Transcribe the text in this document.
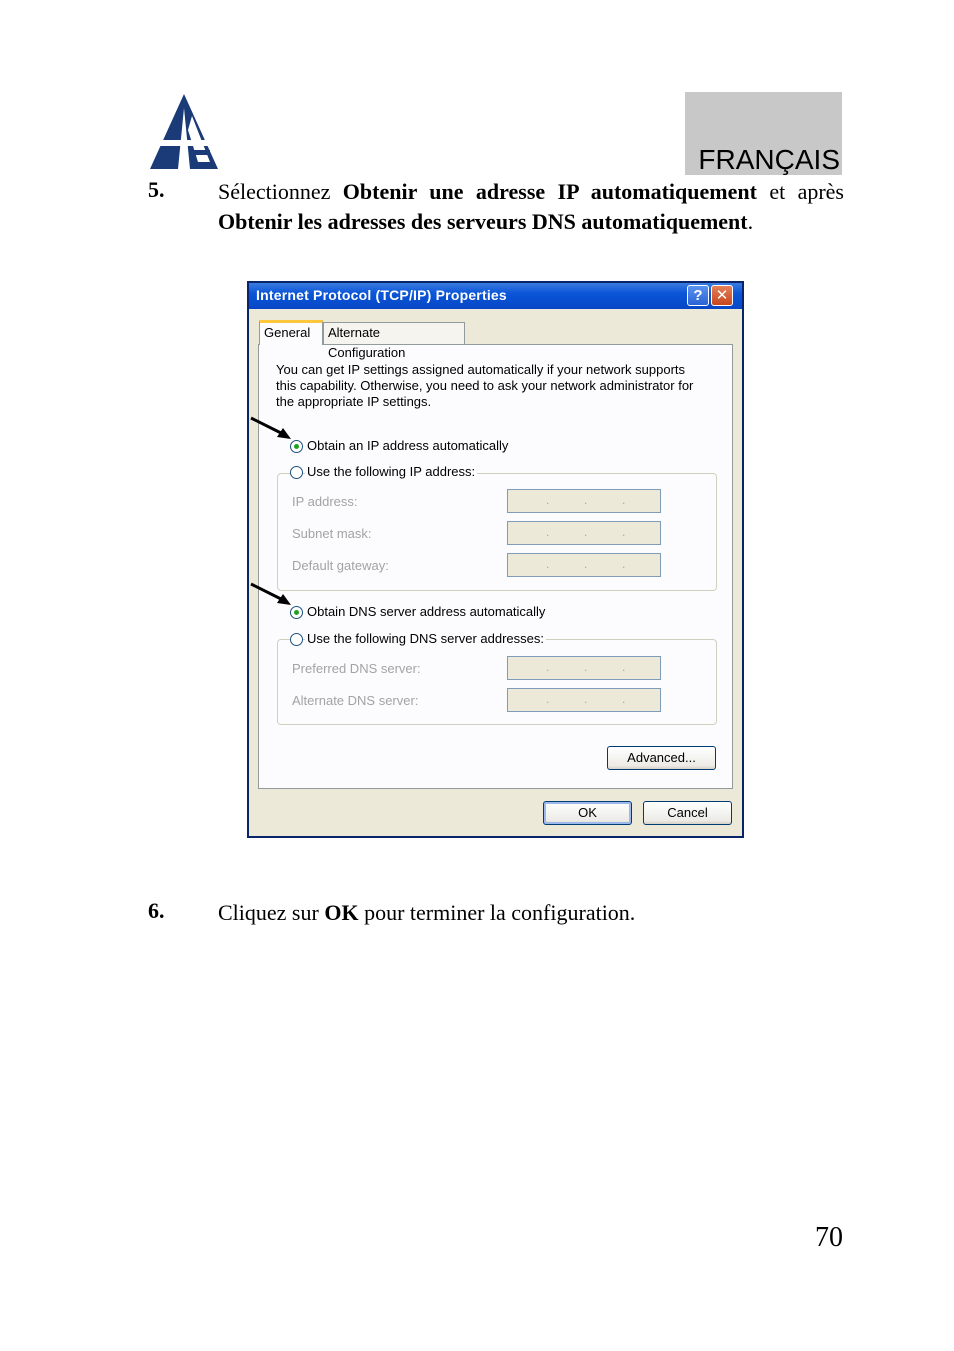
FRANÇAIS
5. Sélectionnez Obtenir une adresse IP automatiquement et après Obtenir les adresses des serveurs DNS automatiquement.
Internet Protocol (TCP/IP) Properties	? ✕
General	Alternate Configuration
You can get IP settings assigned automatically if your network supports this capability. Otherwise, you need to ask your network administrator for the appropriate IP settings.
Obtain an IP address automatically
Use the following IP address:
IP address:	.	.	.
Subnet mask:	.	.	.
Default gateway:	.	.	.
Obtain DNS server address automatically
Use the following DNS server addresses:
Preferred DNS server:	.	.	.
Alternate DNS server:	.	.	.
Advanced...
OK	Cancel
6. Cliquez sur OK pour terminer la configuration.
70
